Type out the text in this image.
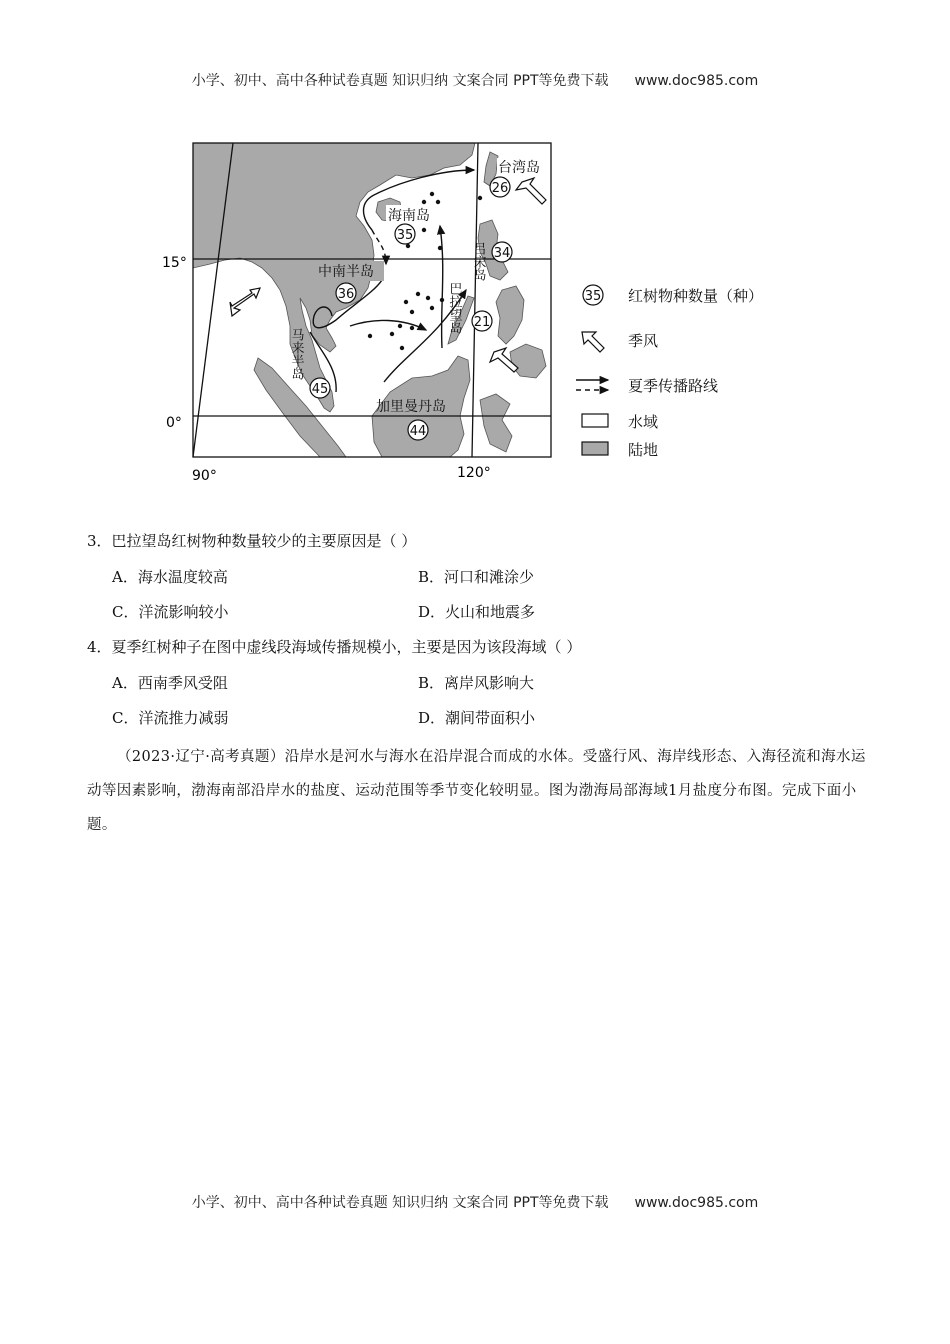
小学、初中、高中各种试卷真题 知识归纳 文案合同 PPT等免费下载 www.doc985.com
15°
0°
90°	120°
台湾岛
海南岛
中南半岛	吕宋岛
巴拉望岛
马来半岛
加里曼丹岛
26
35
34
21
36
45
44
35 红树物种数量（种）
季风
夏季传播路线
水域
陆地
3．巴拉望岛红树物种数量较少的主要原因是（ ）
A．海水温度较高	B．河口和滩涂少
C．洋流影响较小	D．火山和地震多
4．夏季红树种子在图中虚线段海域传播规模小，主要是因为该段海域（ ）
A．西南季风受阻	B．离岸风影响大
C．洋流推力减弱	D．潮间带面积小
（2023·辽宁·高考真题）沿岸水是河水与海水在沿岸混合而成的水体。受盛行风、海岸线形态、入海径流和海水运动等因素影响，渤海南部沿岸水的盐度、运动范围等季节变化较明显。图为渤海局部海域1月盐度分布图。完成下面小题。
小学、初中、高中各种试卷真题 知识归纳 文案合同 PPT等免费下载 www.doc985.com
